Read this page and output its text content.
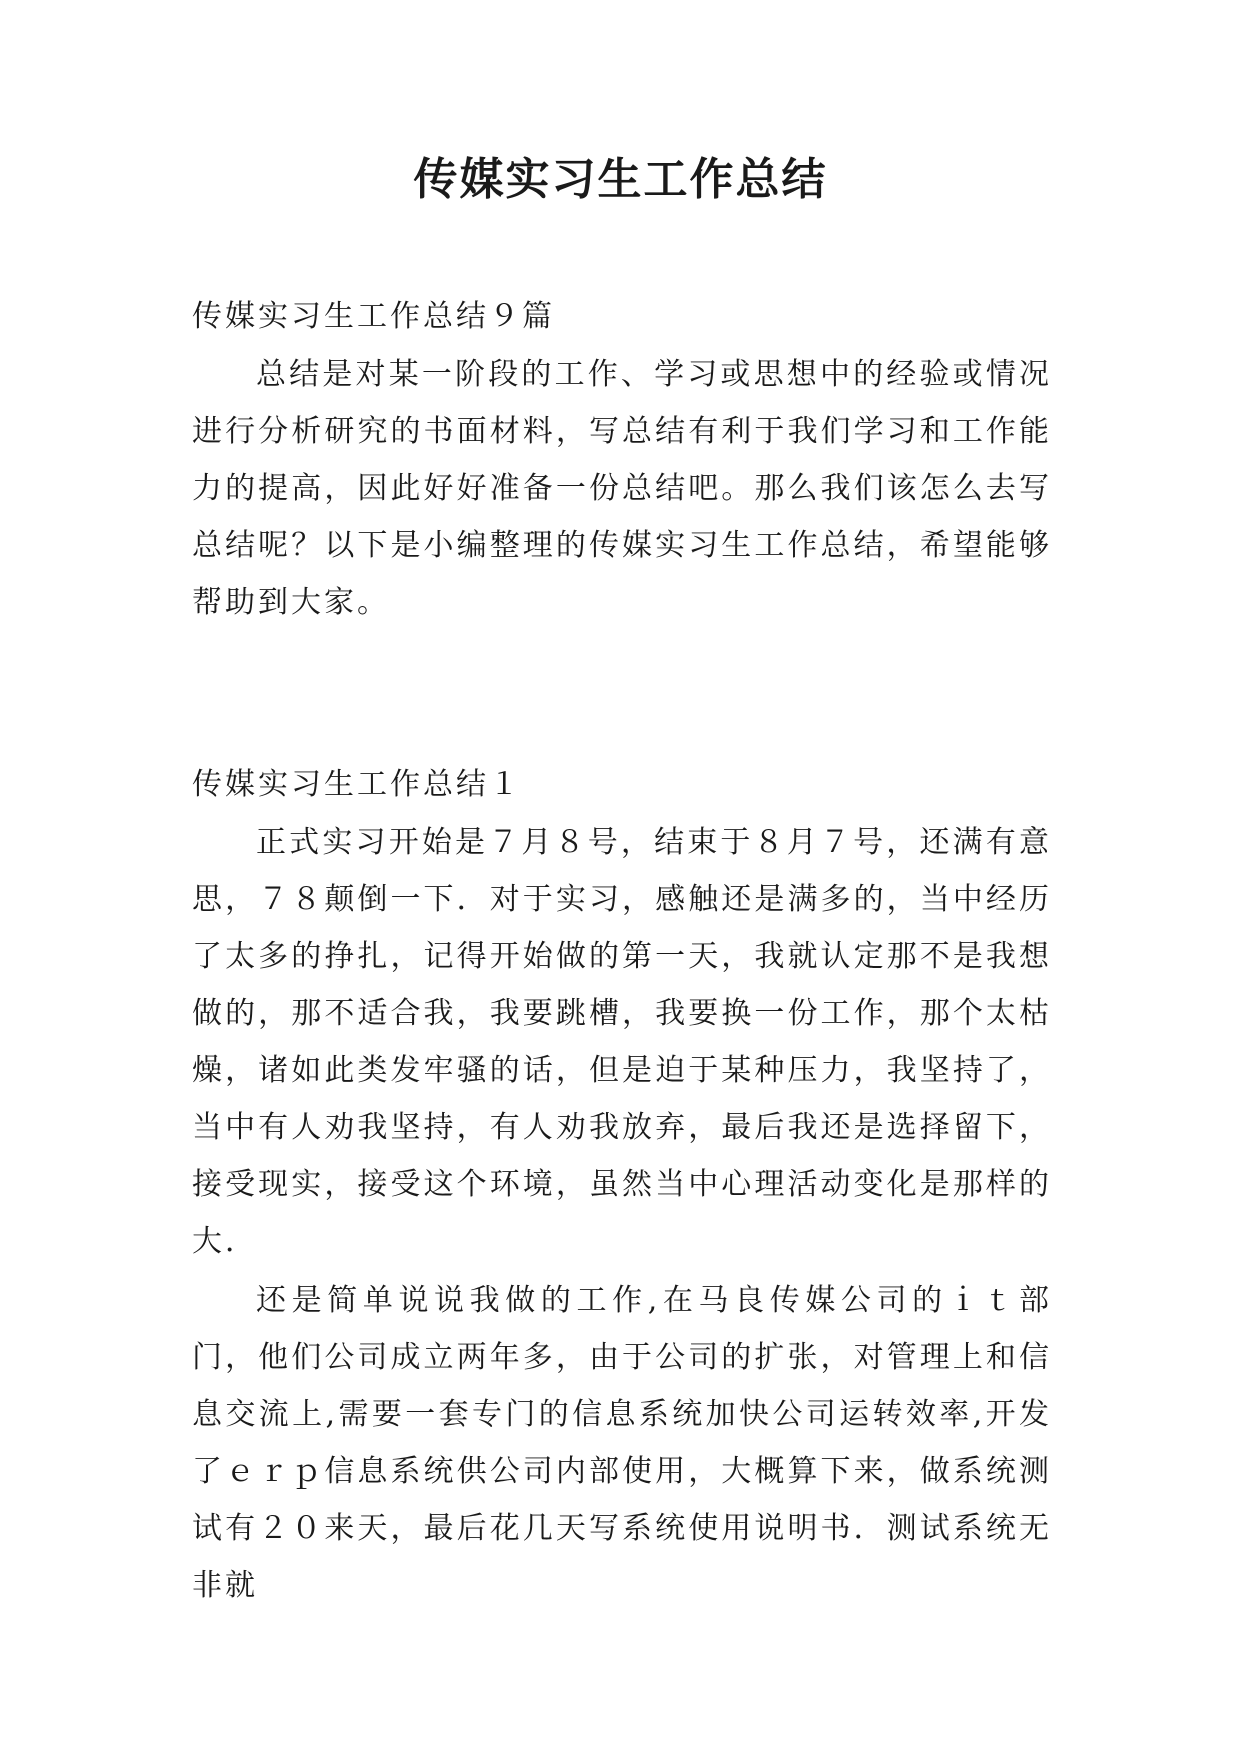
传媒实习生工作总结
传媒实习生工作总结９篇

总结是对某一阶段的工作、学习或思想中的经验或情况进行分析研究的书面材料，写总结有利于我们学习和工作能力的提高，因此好好准备一份总结吧。那么我们该怎么去写总结呢？以下是小编整理的传媒实习生工作总结，希望能够帮助到大家。

传媒实习生工作总结１

正式实习开始是７月８号，结束于８月７号，还满有意思，７８颠倒一下．对于实习，感触还是满多的，当中经历了太多的挣扎，记得开始做的第一天，我就认定那不是我想做的，那不适合我，我要跳槽，我要换一份工作，那个太枯燥，诸如此类发牢骚的话，但是迫于某种压力，我坚持了，当中有人劝我坚持，有人劝我放弃，最后我还是选择留下，接受现实，接受这个环境，虽然当中心理活动变化是那样的大．

还是简单说说我做的工作,在马良传媒公司的ｉｔ部门，他们公司成立两年多，由于公司的扩张，对管理上和信息交流上,需要一套专门的信息系统加快公司运转效率,开发了ｅｒｐ信息系统供公司内部使用，大概算下来，做系统测试有２０来天，最后花几天写系统使用说明书．测试系统无非就
